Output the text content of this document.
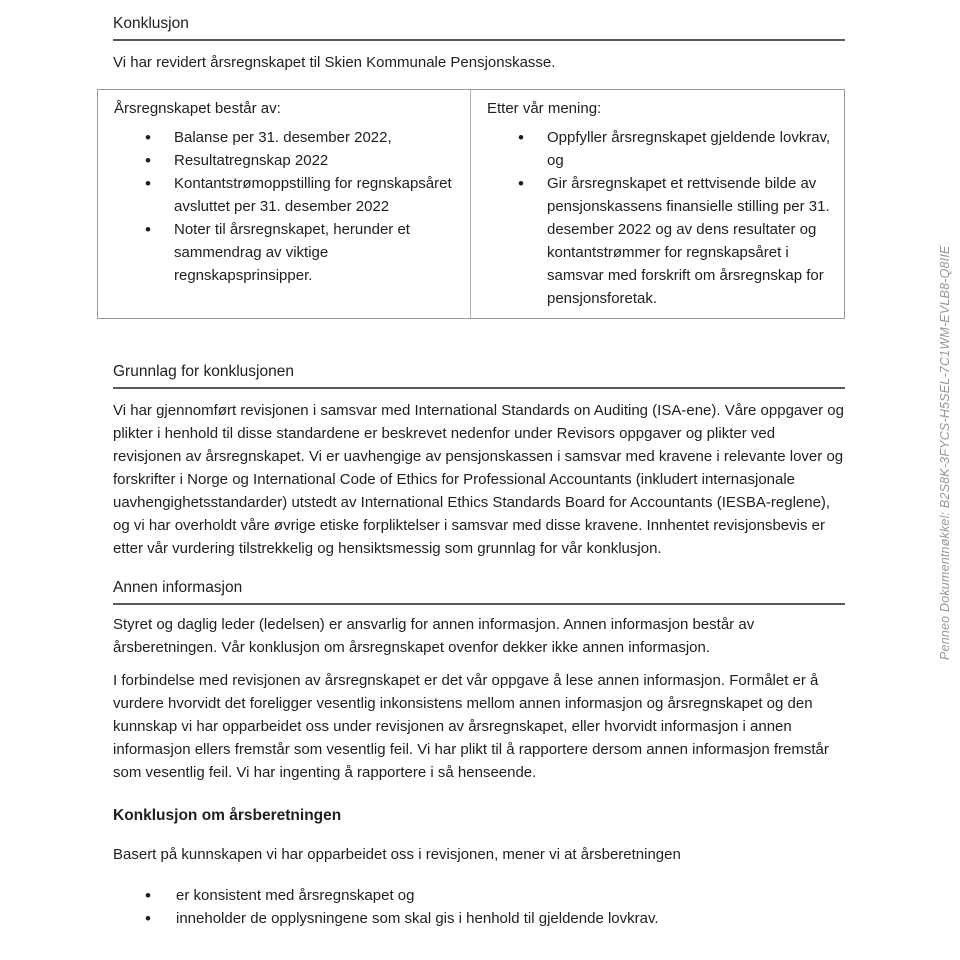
Konklusjon

Vi har revidert årsregnskapet til Skien Kommunale Pensjonskasse.

Årsregnskapet består av:

• Balanse per 31. desember 2022,
• Resultatregnskap 2022
• Kontantstrømoppstilling for regnskapsåret avsluttet per 31. desember 2022
• Noter til årsregnskapet, herunder et sammendrag av viktige regnskapsprinsipper.

Etter vår mening:

• Oppfyller årsregnskapet gjeldende lovkrav, og
• Gir årsregnskapet et rettvisende bilde av pensjonskassens finansielle stilling per 31. desember 2022 og av dens resultater og kontantstrømmer for regnskapsåret i samsvar med forskrift om årsregnskap for pensjonsforetak.
Grunnlag for konklusjonen

Vi har gjennomført revisjonen i samsvar med International Standards on Auditing (ISA-ene). Våre oppgaver og plikter i henhold til disse standardene er beskrevet nedenfor under Revisors oppgaver og plikter ved revisjonen av årsregnskapet. Vi er uavhengige av pensjonskassen i samsvar med kravene i relevante lover og forskrifter i Norge og International Code of Ethics for Professional Accountants (inkludert internasjonale uavhengighetsstandarder) utstedt av International Ethics Standards Board for Accountants (IESBA-reglene), og vi har overholdt våre øvrige etiske forpliktelser i samsvar med disse kravene. Innhentet revisjonsbevis er etter vår vurdering tilstrekkelig og hensiktsmessig som grunnlag for vår konklusjon.

Annen informasjon

Styret og daglig leder (ledelsen) er ansvarlig for annen informasjon. Annen informasjon består av årsberetningen. Vår konklusjon om årsregnskapet ovenfor dekker ikke annen informasjon.

I forbindelse med revisjonen av årsregnskapet er det vår oppgave å lese annen informasjon. Formålet er å vurdere hvorvidt det foreligger vesentlig inkonsistens mellom annen informasjon og årsregnskapet og den kunnskap vi har opparbeidet oss under revisjonen av årsregnskapet, eller hvorvidt informasjon i annen informasjon ellers fremstår som vesentlig feil. Vi har plikt til å rapportere dersom annen informasjon fremstår som vesentlig feil. Vi har ingenting å rapportere i så henseende.

Konklusjon om årsberetningen

Basert på kunnskapen vi har opparbeidet oss i revisjonen, mener vi at årsberetningen

• er konsistent med årsregnskapet og
• inneholder de opplysningene som skal gis i henhold til gjeldende lovkrav.
Penneo Dokumentnøkkel: B2S8K-3FYCS-H5SEL-7C1WM-EVLB8-Q8IIE
